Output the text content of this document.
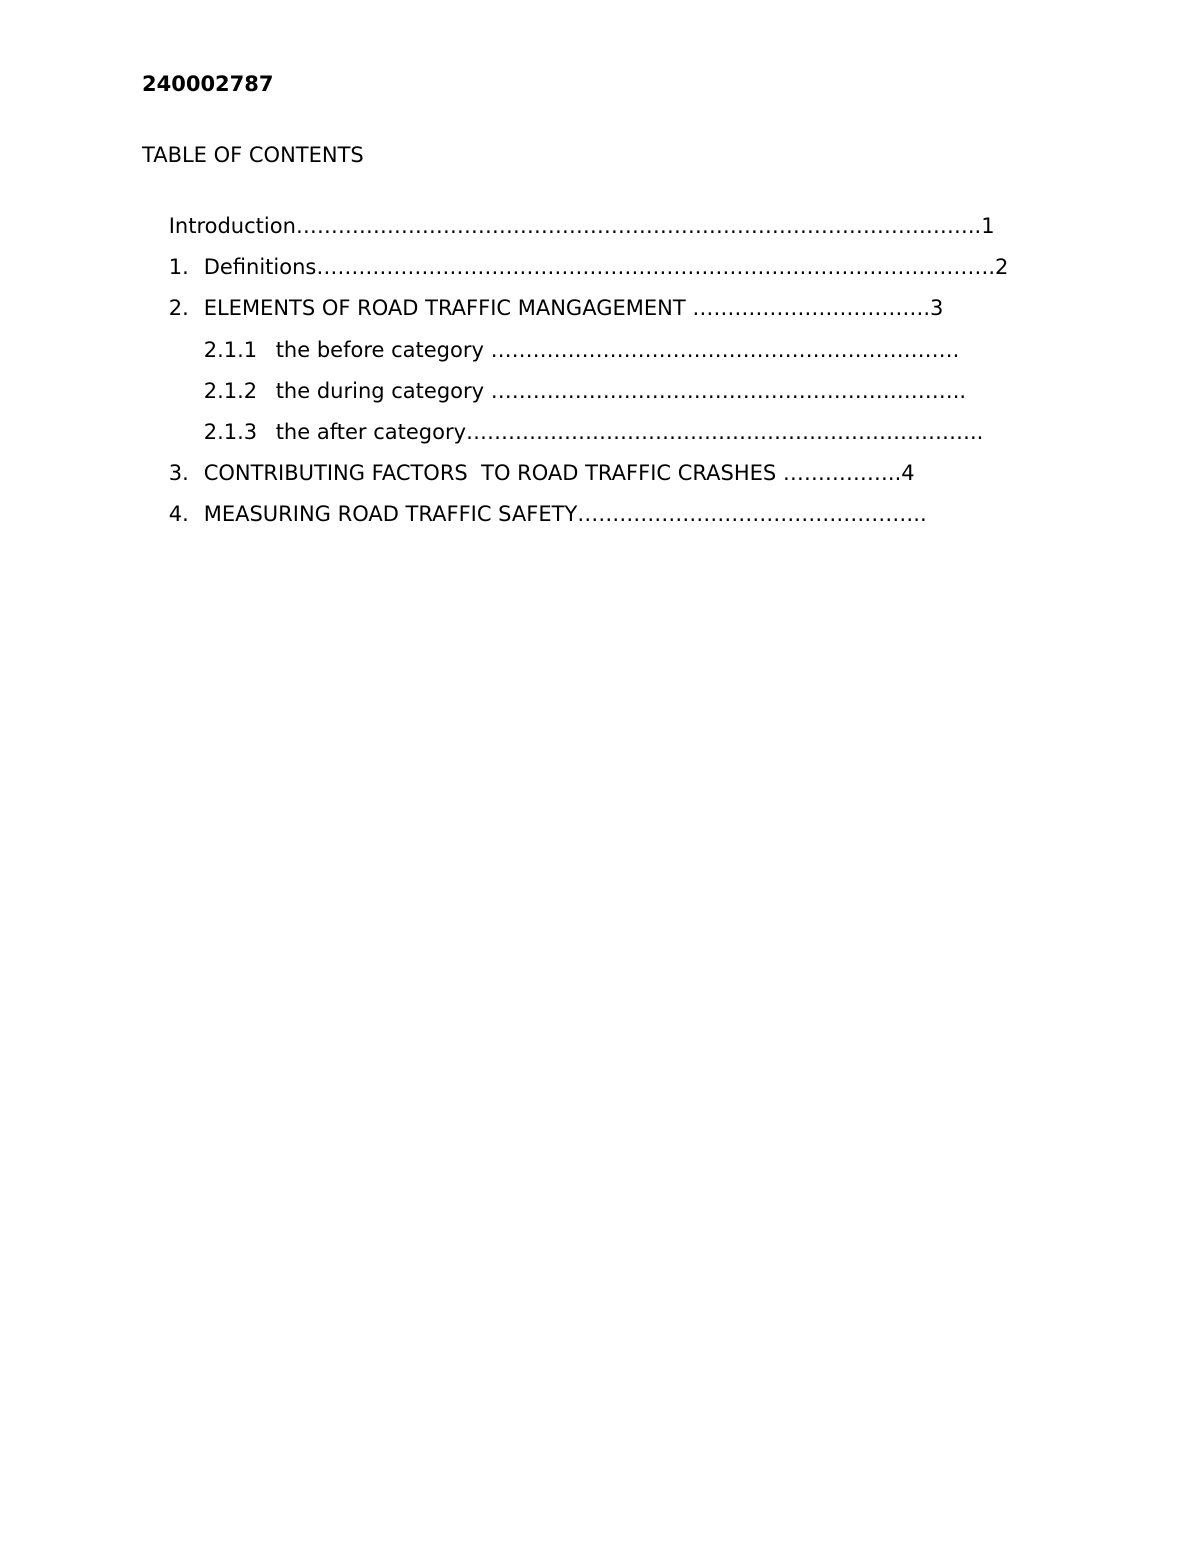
240002787
TABLE OF CONTENTS

Introduction……………………………………………………………………………………..1

1. Definitions…………………………………………………………………………………….2

2. ELEMENTS OF ROAD TRAFFIC MANGAGEMENT …………………………….3

2.1.1 the before category ………………………………………………………….

2.1.2 the during category …………………………………………………………..

2.1.3 the after category………………………………………………………………..

3. CONTRIBUTING FACTORS  TO ROAD TRAFFIC CRASHES ……………..4

4. MEASURING ROAD TRAFFIC SAFETY…………………………………………..
